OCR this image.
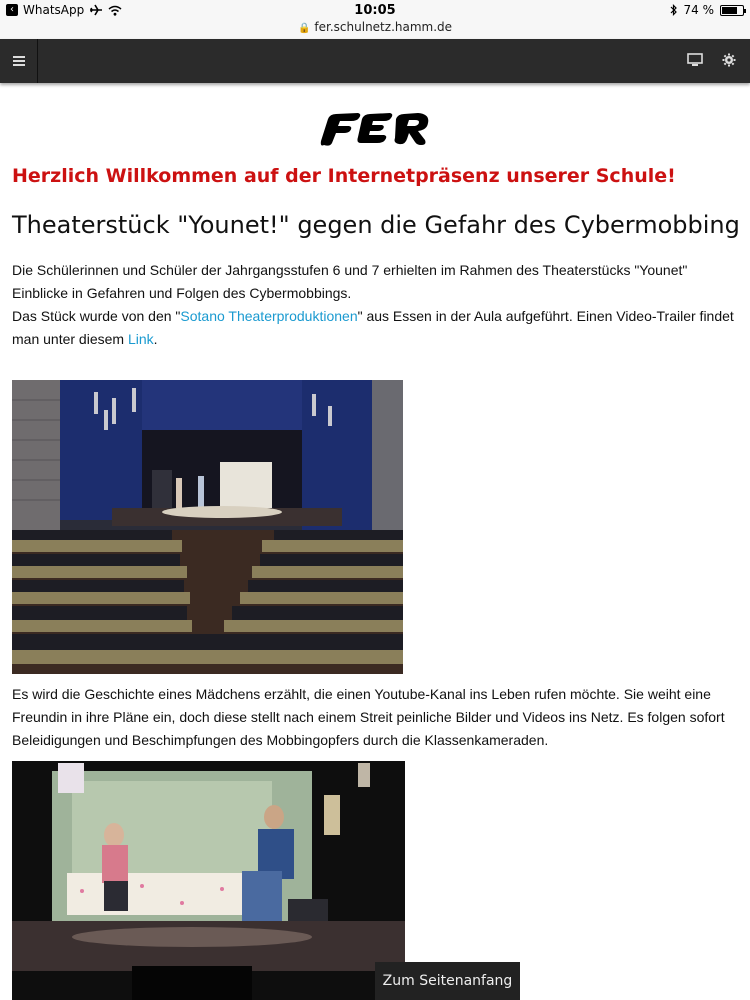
‹ WhatsApp	10:05	74 %
🔒 fer.schulnetz.hamm.de
Herzlich Willkommen auf der Internetpräsenz unserer Schule!
Theaterstück "Younet!" gegen die Gefahr des Cybermobbing
Die Schülerinnen und Schüler der Jahrgangsstufen 6 und 7 erhielten im Rahmen des Theaterstücks "Younet" Einblicke in Gefahren und Folgen des Cybermobbings.
Das Stück wurde von den "Sotano Theaterproduktionen" aus Essen in der Aula aufgeführt. Einen Video-Trailer findet man unter diesem Link.
Es wird die Geschichte eines Mädchens erzählt, die einen Youtube-Kanal ins Leben rufen möchte. Sie weiht eine Freundin in ihre Pläne ein, doch diese stellt nach einem Streit peinliche Bilder und Videos ins Netz. Es folgen sofort Beleidigungen und Beschimpfungen des Mobbingopfers durch die Klassenkameraden.
Zum Seitenanfang
